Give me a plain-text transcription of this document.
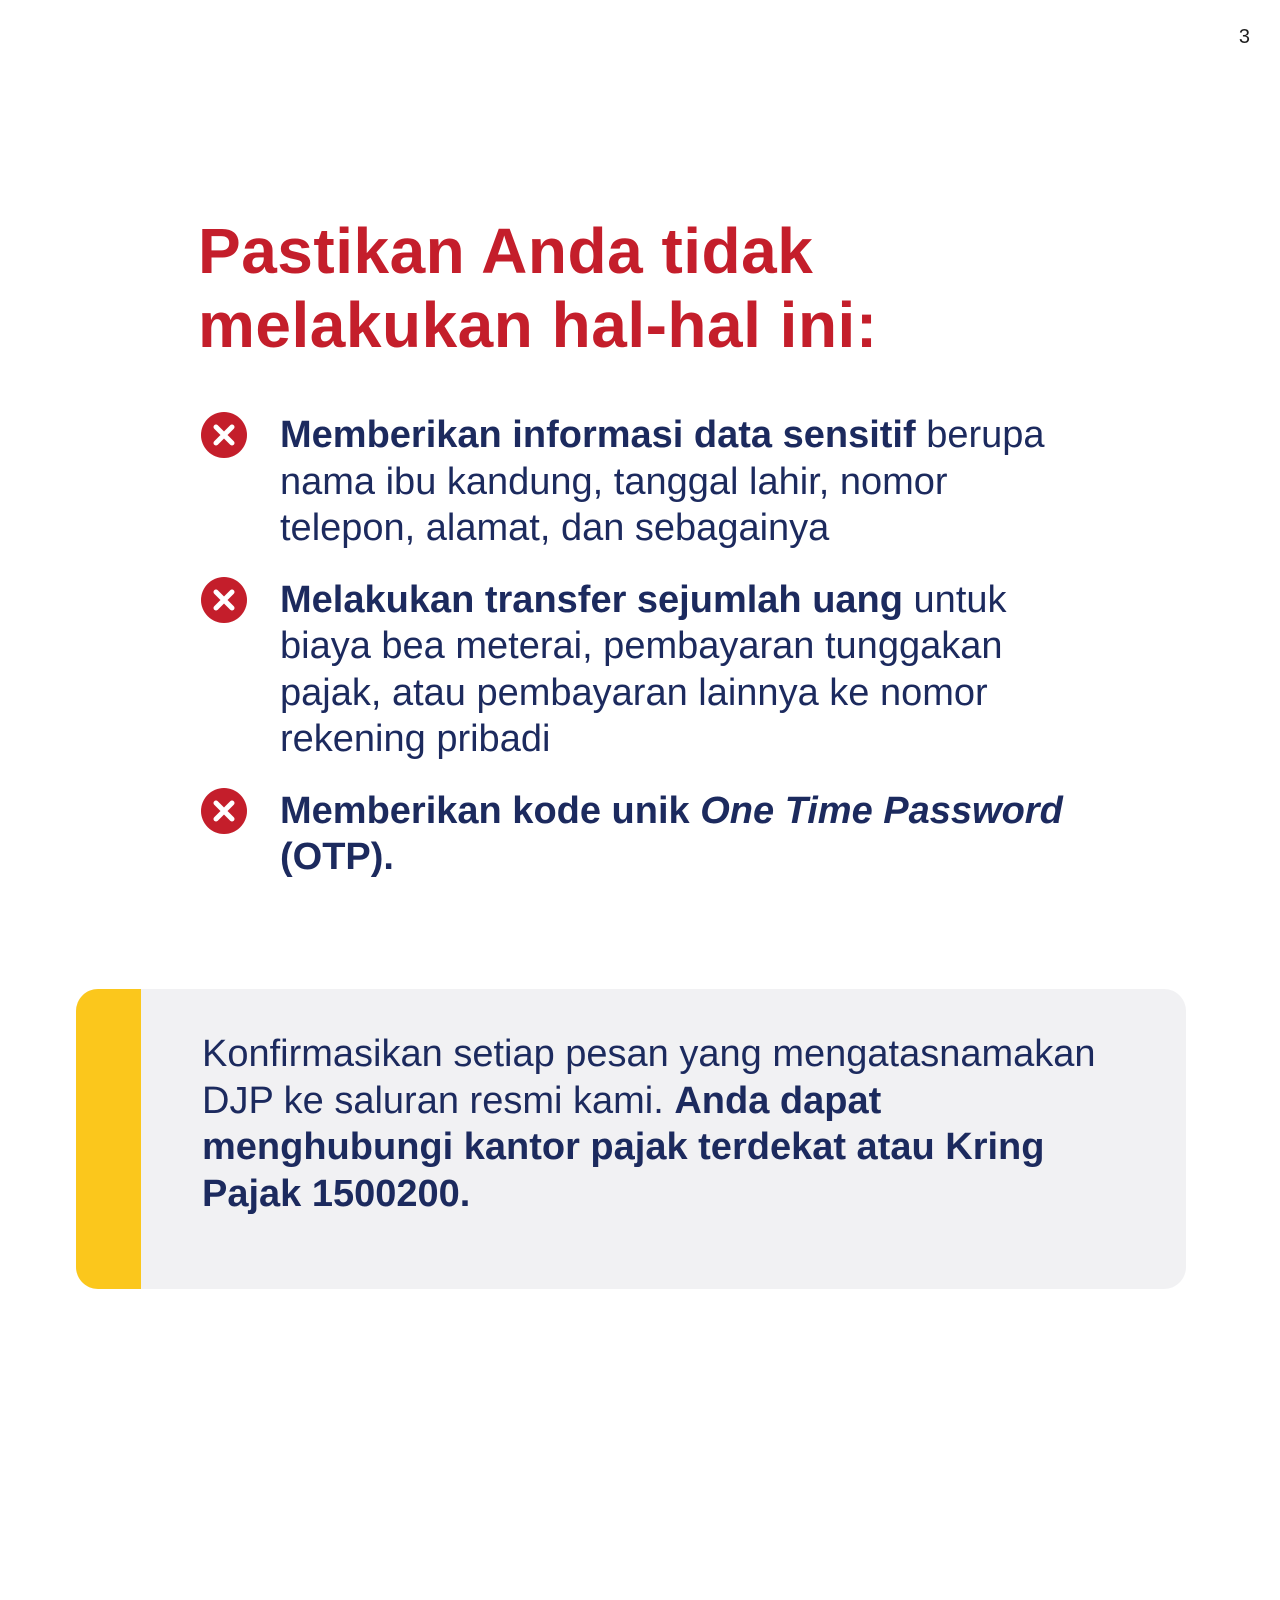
3
Pastikan Anda tidak
melakukan hal-hal ini:
Memberikan informasi data sensitif berupa nama ibu kandung, tanggal lahir, nomor telepon, alamat, dan sebagainya
Melakukan transfer sejumlah uang untuk biaya bea meterai, pembayaran tunggakan pajak, atau pembayaran lainnya ke nomor rekening pribadi
Memberikan kode unik One Time Password (OTP).

Konfirmasikan setiap pesan yang mengatasnamakan DJP ke saluran resmi kami. Anda dapat menghubungi kantor pajak terdekat atau Kring Pajak 1500200.
